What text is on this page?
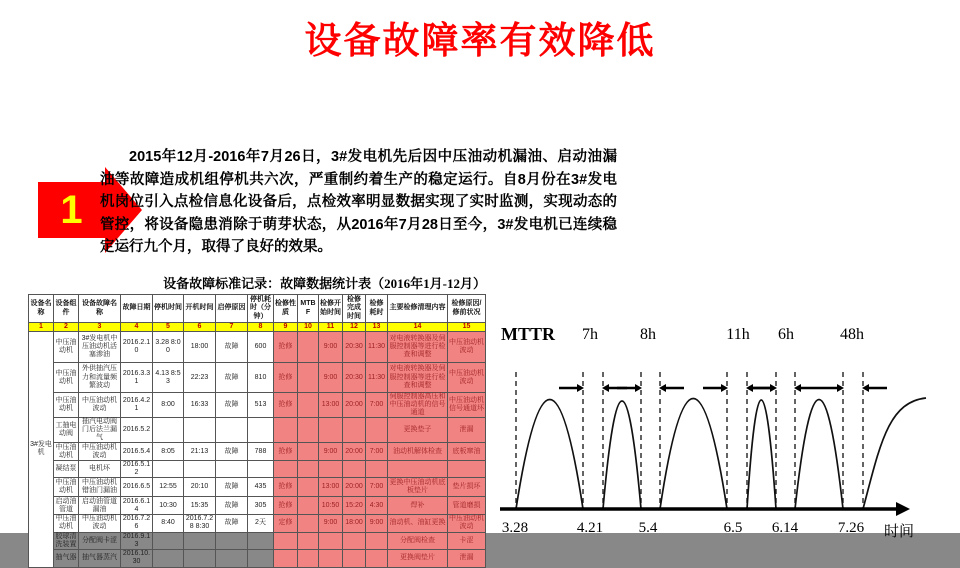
设备故障率有效降低
1

2015年12月-2016年7月26日，3#发电机先后因中压油动机漏油、启动油漏油等故障造成机组停机共六次，严重制约着生产的稳定运行。自8月份在3#发电机岗位引入点检信息化设备后，点检效率明显数据实现了实时监测，实现动态的管控，将设备隐患消除于萌芽状态，从2016年7月28日至今，3#发电机已连续稳定运行九个月，取得了良好的效果。

设备故障标准记录：故障数据统计表（2016年1月-12月）
设备名称	设备组件	设备故障名称	故障日期	停机时间	开机时间	启停原因	停机耗时（分钟）	检修性质	MTBF	检修开始时间	检修完成时间	检修耗时	主要检修清理内容	检修原因/修前状况
1	2	3	4	5	6	7	8	9	10	11	12	13	14	15
3#发电机	中压油动机	3#发电机中压油动机活塞渗油	2016.2.10	3.28 8:00	18:00	故障	600	抢修		9:00	20:30	11:30	对电液转换器及伺服控制器等进行检查和调整	中压油动机波动
	中压油动机	外供抽汽压力和流量频繁波动	2016.3.31	4.13 8:53	22:23	故障	810	抢修		9:00	20:30	11:30	对电液转换器及伺服控制器等进行检查和调整	中压油动机波动
	中压油动机	中压油动机波动	2016.4.21	8:00	16:33	故障	513	抢修		13:00	20:00	7:00	伺服控制器高压和中压油动机的信号通道	中压油动机信号通道坏
	工抽电动阀	抽汽电动阀门后法兰漏气	2016.5.2										更换垫子	泄漏
	中压油动机	中压油动机波动	2016.5.4	8:05	21:13	故障	788	抢修		9:00	20:00	7:00	油动机解体检查	底板窜油
	凝结泵	电机坏	2016.5.12											
	中压油动机	中压油动机错油门漏油	2016.6.5	12:55	20:10	故障	435	抢修		13:00	20:00	7:00	更换中压油动机底板垫片	垫片损坏
	启动油管道	启动油管道漏油	2016.6.14	10:30	15:35	故障	305	抢修		10:50	15:20	4:30	焊补	管道磨损
	中压油动机	中压油动机波动	2016.7.26	8:40	2016.7.28 8:30	故障	2天	定修		9:00	18:00	9:00	油动机、油缸更换	中压油动机波动
	胶球清洗装置	分配阀卡涩	2016.9.13										分配阀检查	卡涩
	抽气器	抽气器蒸汽	2016.10.30										更换阀垫片	泄漏
MTTR 7h	8h	11h 6h	48h
3.28	4.21 5.4	6.5 6.14	7.26 时间
